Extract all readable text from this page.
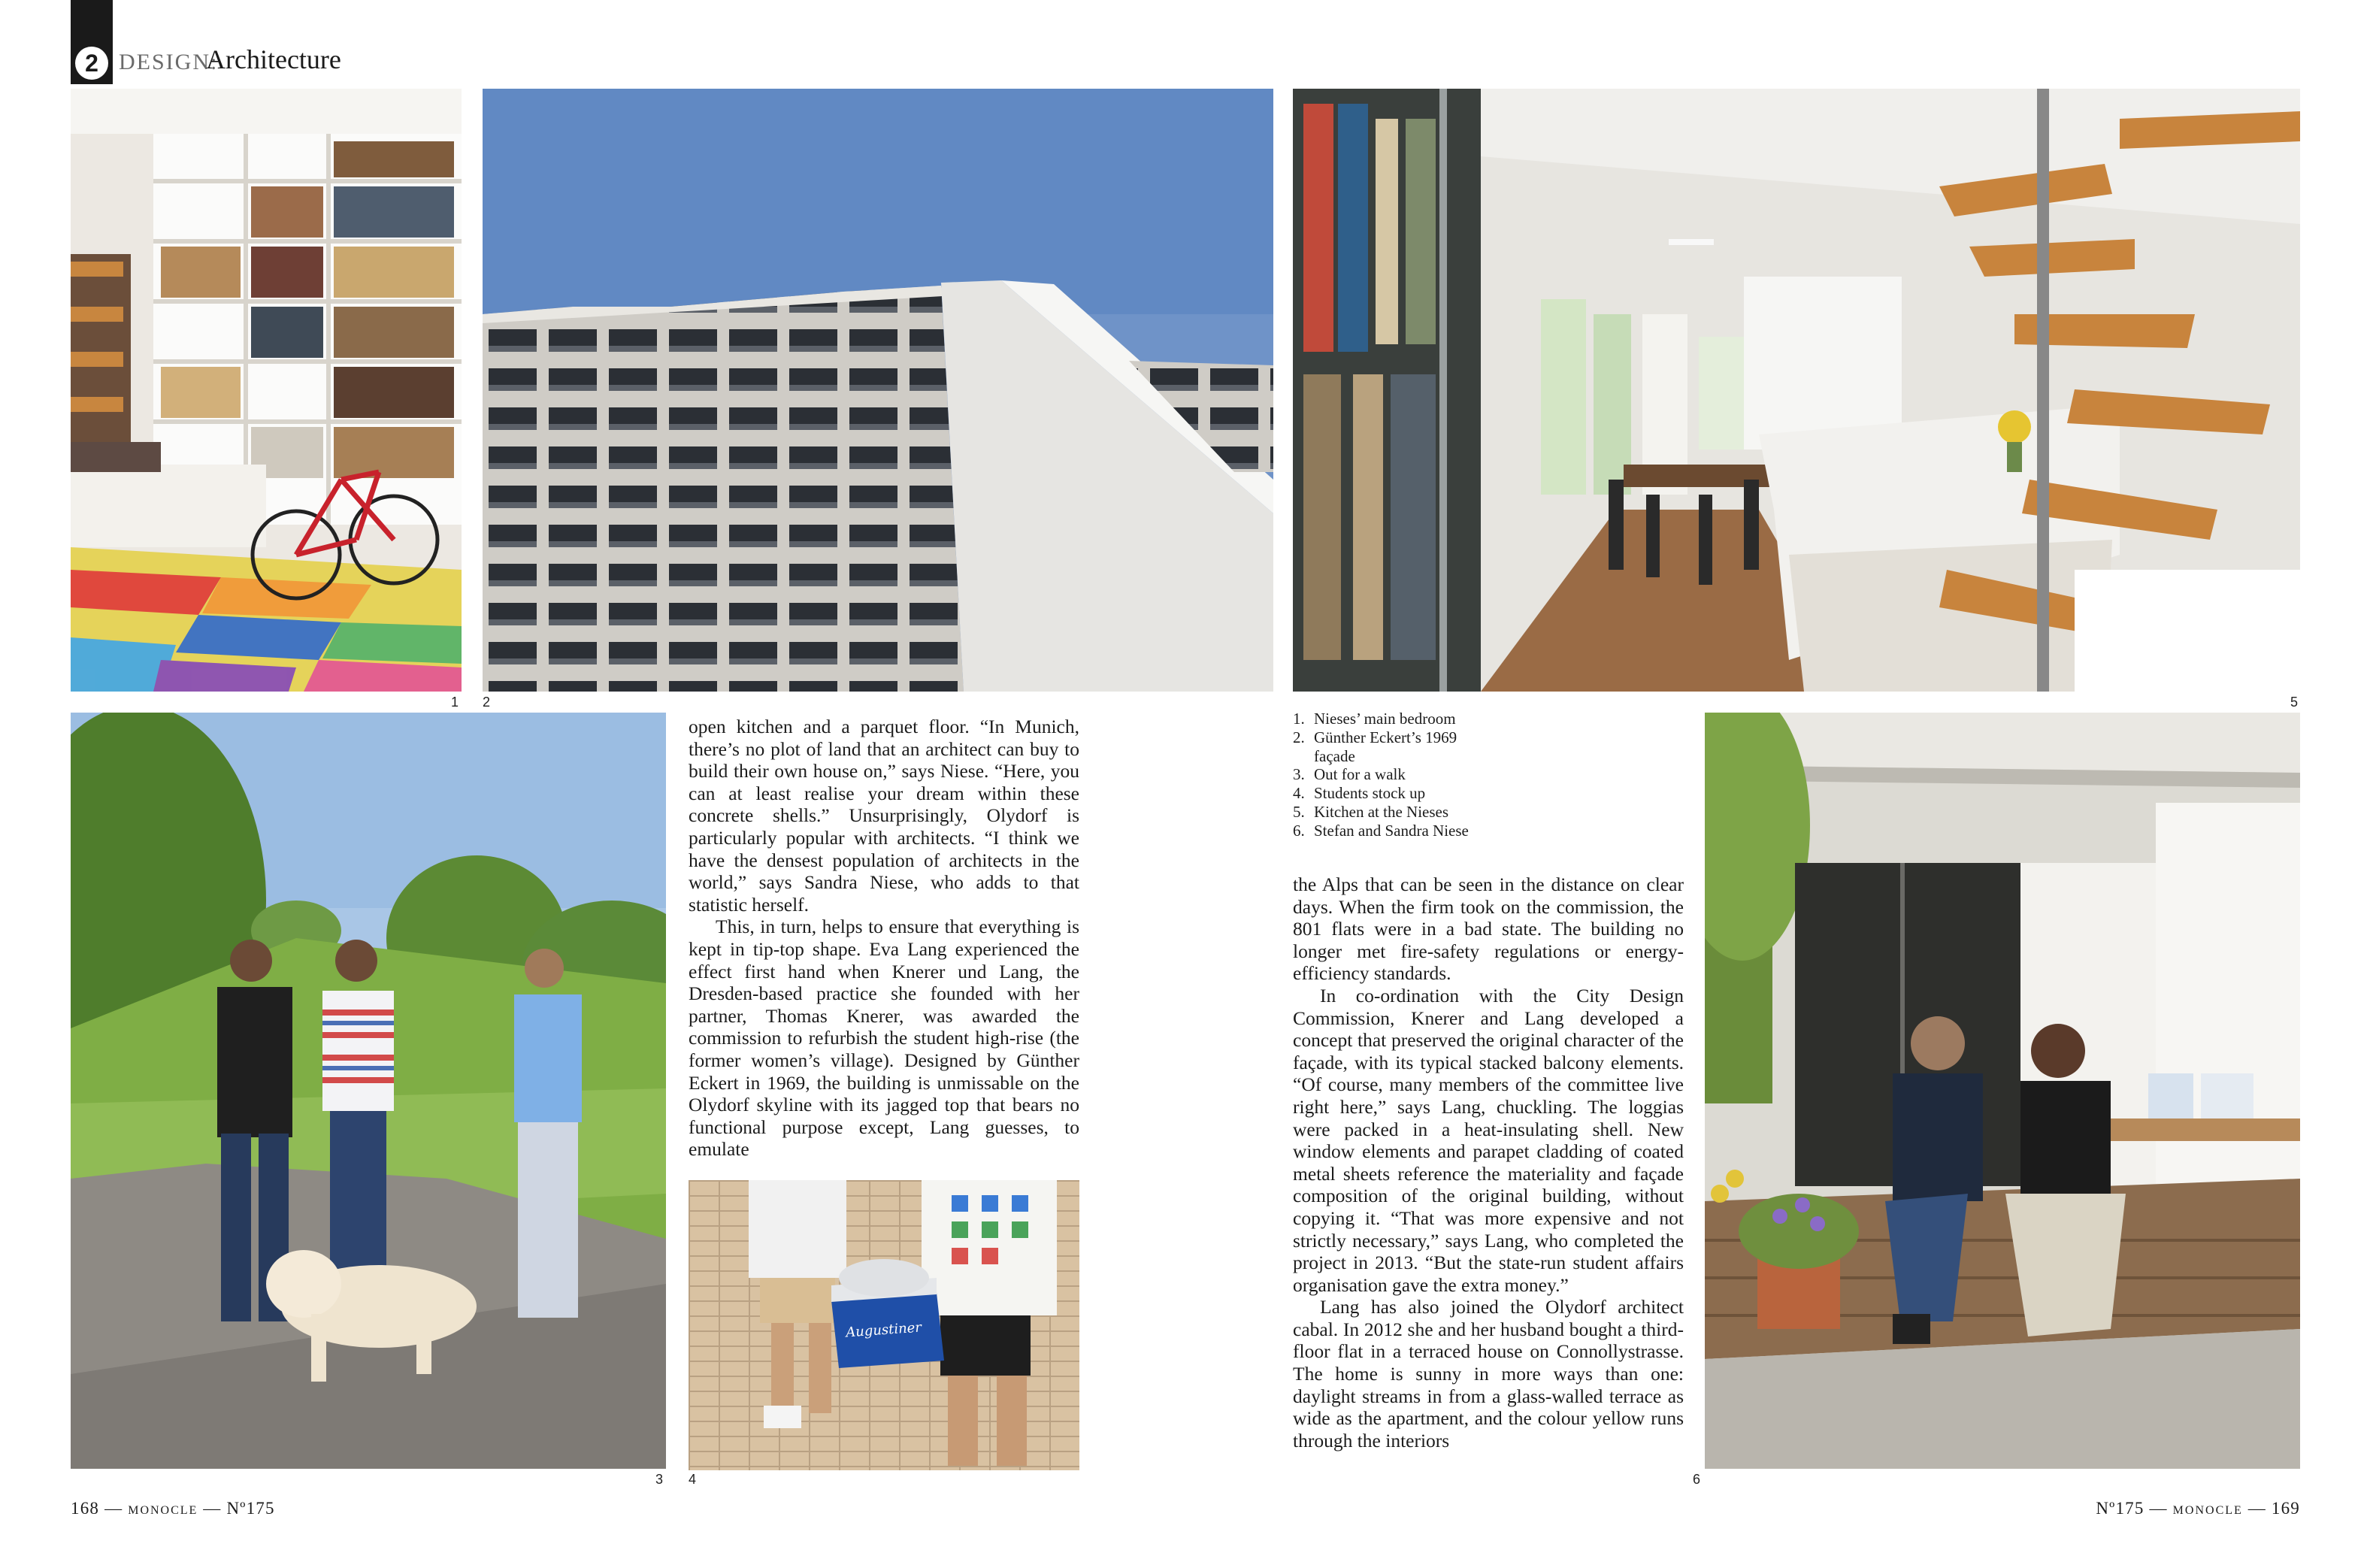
2 DESIGN:
Architecture
1 2	5
3
Augustiner
4	6

open kitchen and a parquet floor. “In Munich, there’s no plot of land that an architect can buy to build their own house on,” says Niese. “Here, you can at least realise your dream within these concrete shells.” Unsurprisingly, Olydorf is particularly popular with architects. “I think we have the densest population of architects in the world,” says Sandra Niese, who adds to that statistic herself.

This, in turn, helps to ensure that everything is kept in tip-top shape. Eva Lang experienced the effect first hand when Knerer und Lang, the Dresden-based practice she founded with her partner, Thomas Knerer, was awarded the commission to refurbish the student high-rise (the former women’s village). Designed by Günther Eckert in 1969, the building is unmissable on the Olydorf skyline with its jagged top that bears no functional purpose except, Lang guesses, to emulate

1. Nieses’ main bedroom
2. Günther Eckert’s 1969 façade
3. Out for a walk
4. Students stock up
5. Kitchen at the Nieses
6. Stefan and Sandra Niese

the Alps that can be seen in the distance on clear days. When the firm took on the commission, the 801 flats were in a bad state. The building no longer met fire-safety regulations or energy-efficiency standards.

In co-ordination with the City Design Commission, Knerer and Lang developed a concept that preserved the original character of the façade, with its typical stacked balcony elements. “Of course, many members of the committee live right here,” says Lang, chuckling. The loggias were packed in a heat-insulating shell. New window elements and parapet cladding of coated metal sheets reference the materiality and façade composition of the original building, without copying it. “That was more expensive and not strictly necessary,” says Lang, who completed the project in 2013. “But the state-run student affairs organisation gave the extra money.”

Lang has also joined the Olydorf architect cabal. In 2012 she and her husband bought a third-floor flat in a terraced house on Connollystrasse. The home is sunny in more ways than one: daylight streams in from a glass-walled terrace as wide as the apartment, and the colour yellow runs through the interiors

168 — monocle — Nº175	Nº175 — monocle — 169
